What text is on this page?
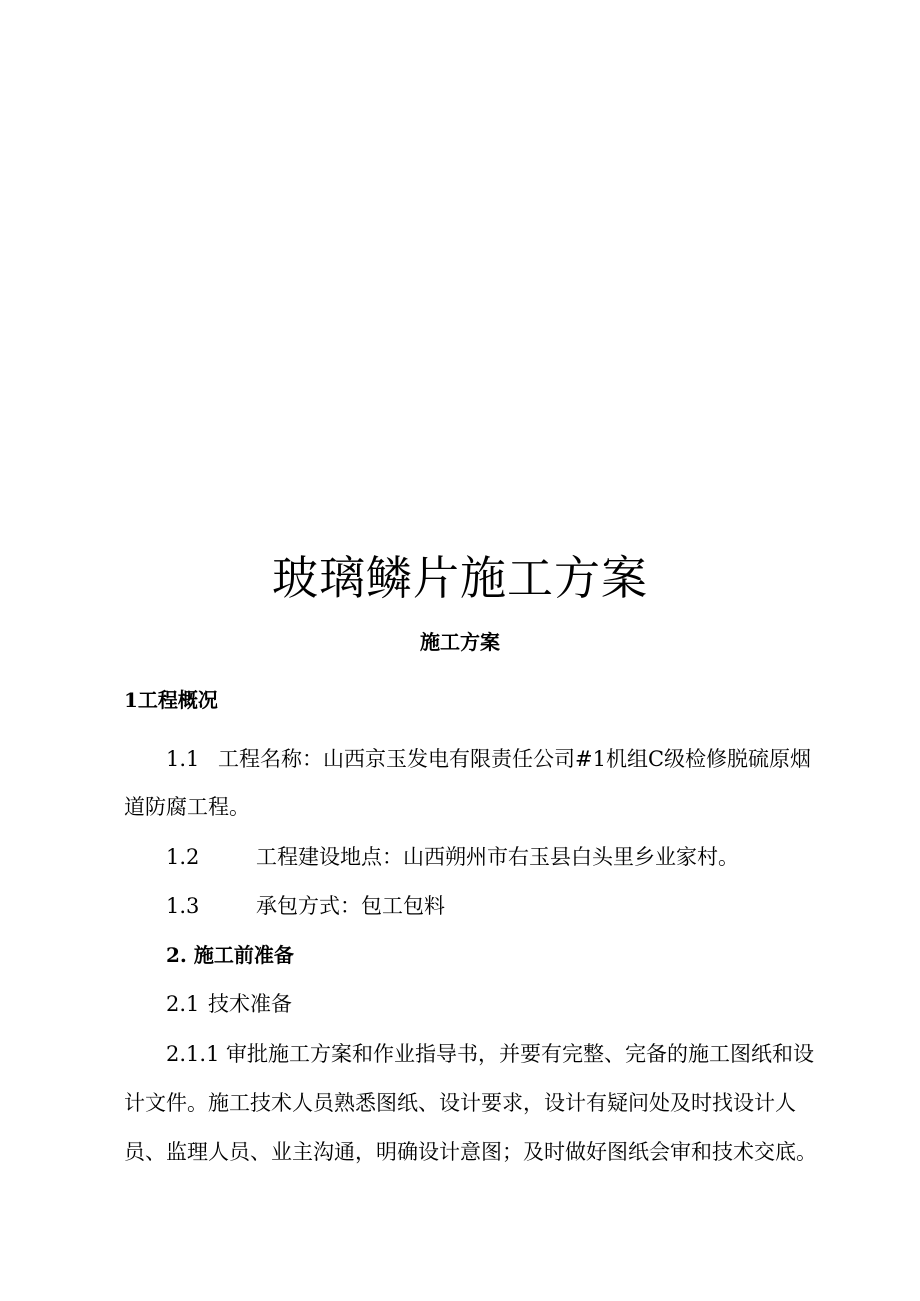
玻璃鳞片施工方案
施工方案
1工程概况
1.1 工程名称：山西京玉发电有限责任公司#1机组C级检修脱硫原烟
道防腐工程。
1.2	工程建设地点：山西朔州市右玉县白头里乡业家村。
1.3	承包方式：包工包料
2. 施工前准备
2.1 技术准备
2.1.1 审批施工方案和作业指导书，并要有完整、完备的施工图纸和设
计文件。施工技术人员熟悉图纸、设计要求，设计有疑问处及时找设计人
员、监理人员、业主沟通，明确设计意图；及时做好图纸会审和技术交底。
